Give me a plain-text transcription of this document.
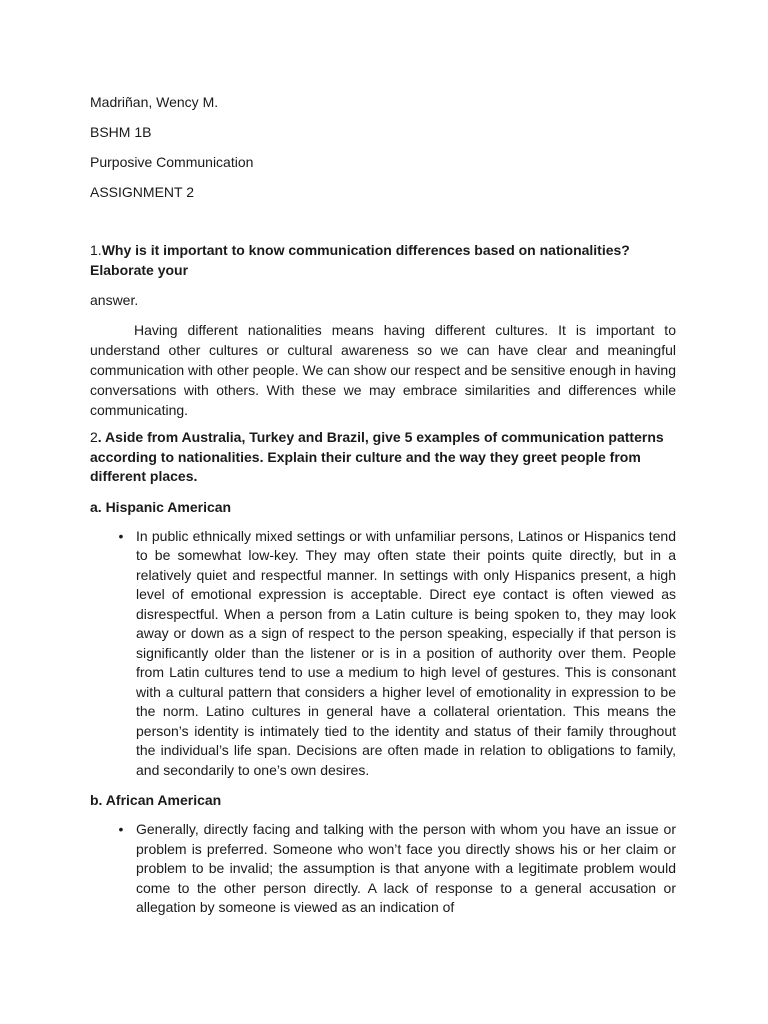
Madriñan, Wency M.
BSHM 1B
Purposive Communication
ASSIGNMENT 2
1.Why is it important to know communication differences based on nationalities? Elaborate your
answer.
Having different nationalities means having different cultures. It is important to understand other cultures or cultural awareness so we can have clear and meaningful communication with other people. We can show our respect and be sensitive enough in having conversations with others. With these we may embrace similarities and differences while communicating.
2. Aside from Australia, Turkey and Brazil, give 5 examples of communication patterns according to nationalities. Explain their culture and the way they greet people from different places.
a. Hispanic American
• In public ethnically mixed settings or with unfamiliar persons, Latinos or Hispanics tend to be somewhat low-key. They may often state their points quite directly, but in a relatively quiet and respectful manner. In settings with only Hispanics present, a high level of emotional expression is acceptable. Direct eye contact is often viewed as disrespectful. When a person from a Latin culture is being spoken to, they may look away or down as a sign of respect to the person speaking, especially if that person is significantly older than the listener or is in a position of authority over them. People from Latin cultures tend to use a medium to high level of gestures. This is consonant with a cultural pattern that considers a higher level of emotionality in expression to be the norm. Latino cultures in general have a collateral orientation. This means the person’s identity is intimately tied to the identity and status of their family throughout the individual’s life span. Decisions are often made in relation to obligations to family, and secondarily to one’s own desires.
b. African American
• Generally, directly facing and talking with the person with whom you have an issue or problem is preferred. Someone who won’t face you directly shows his or her claim or problem to be invalid; the assumption is that anyone with a legitimate problem would come to the other person directly. A lack of response to a general accusation or allegation by someone is viewed as an indication of
